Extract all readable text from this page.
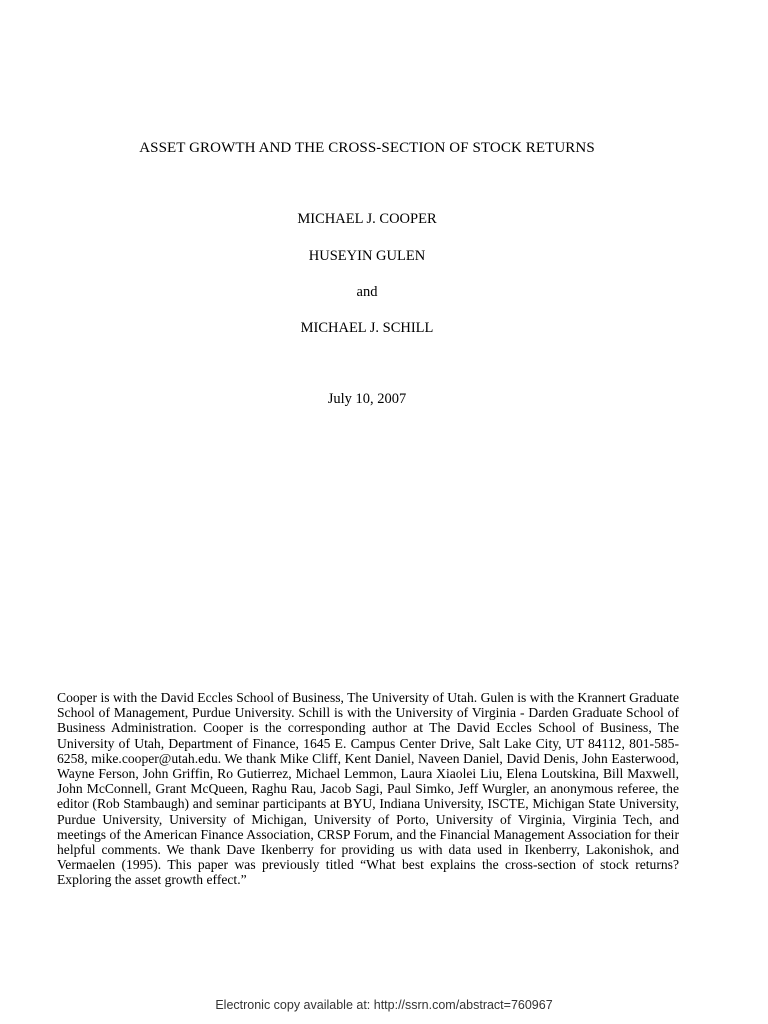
ASSET GROWTH AND THE CROSS-SECTION OF STOCK RETURNS
MICHAEL J. COOPER
HUSEYIN GULEN
and
MICHAEL J. SCHILL
July 10, 2007

Cooper is with the David Eccles School of Business, The University of Utah. Gulen is with the Krannert Graduate School of Management, Purdue University. Schill is with the University of Virginia - Darden Graduate School of Business Administration. Cooper is the corresponding author at The David Eccles School of Business, The University of Utah, Department of Finance, 1645 E. Campus Center Drive, Salt Lake City, UT 84112, 801-585-6258, mike.cooper@utah.edu. We thank Mike Cliff, Kent Daniel, Naveen Daniel, David Denis, John Easterwood, Wayne Ferson, John Griffin, Ro Gutierrez, Michael Lemmon, Laura Xiaolei Liu, Elena Loutskina, Bill Maxwell, John McConnell, Grant McQueen, Raghu Rau, Jacob Sagi, Paul Simko, Jeff Wurgler, an anonymous referee, the editor (Rob Stambaugh) and seminar participants at BYU, Indiana University, ISCTE, Michigan State University, Purdue University, University of Michigan, University of Porto, University of Virginia, Virginia Tech, and meetings of the American Finance Association, CRSP Forum, and the Financial Management Association for their helpful comments. We thank Dave Ikenberry for providing us with data used in Ikenberry, Lakonishok, and Vermaelen (1995). This paper was previously titled “What best explains the cross-section of stock returns? Exploring the asset growth effect.”

Electronic copy available at: http://ssrn.com/abstract=760967
